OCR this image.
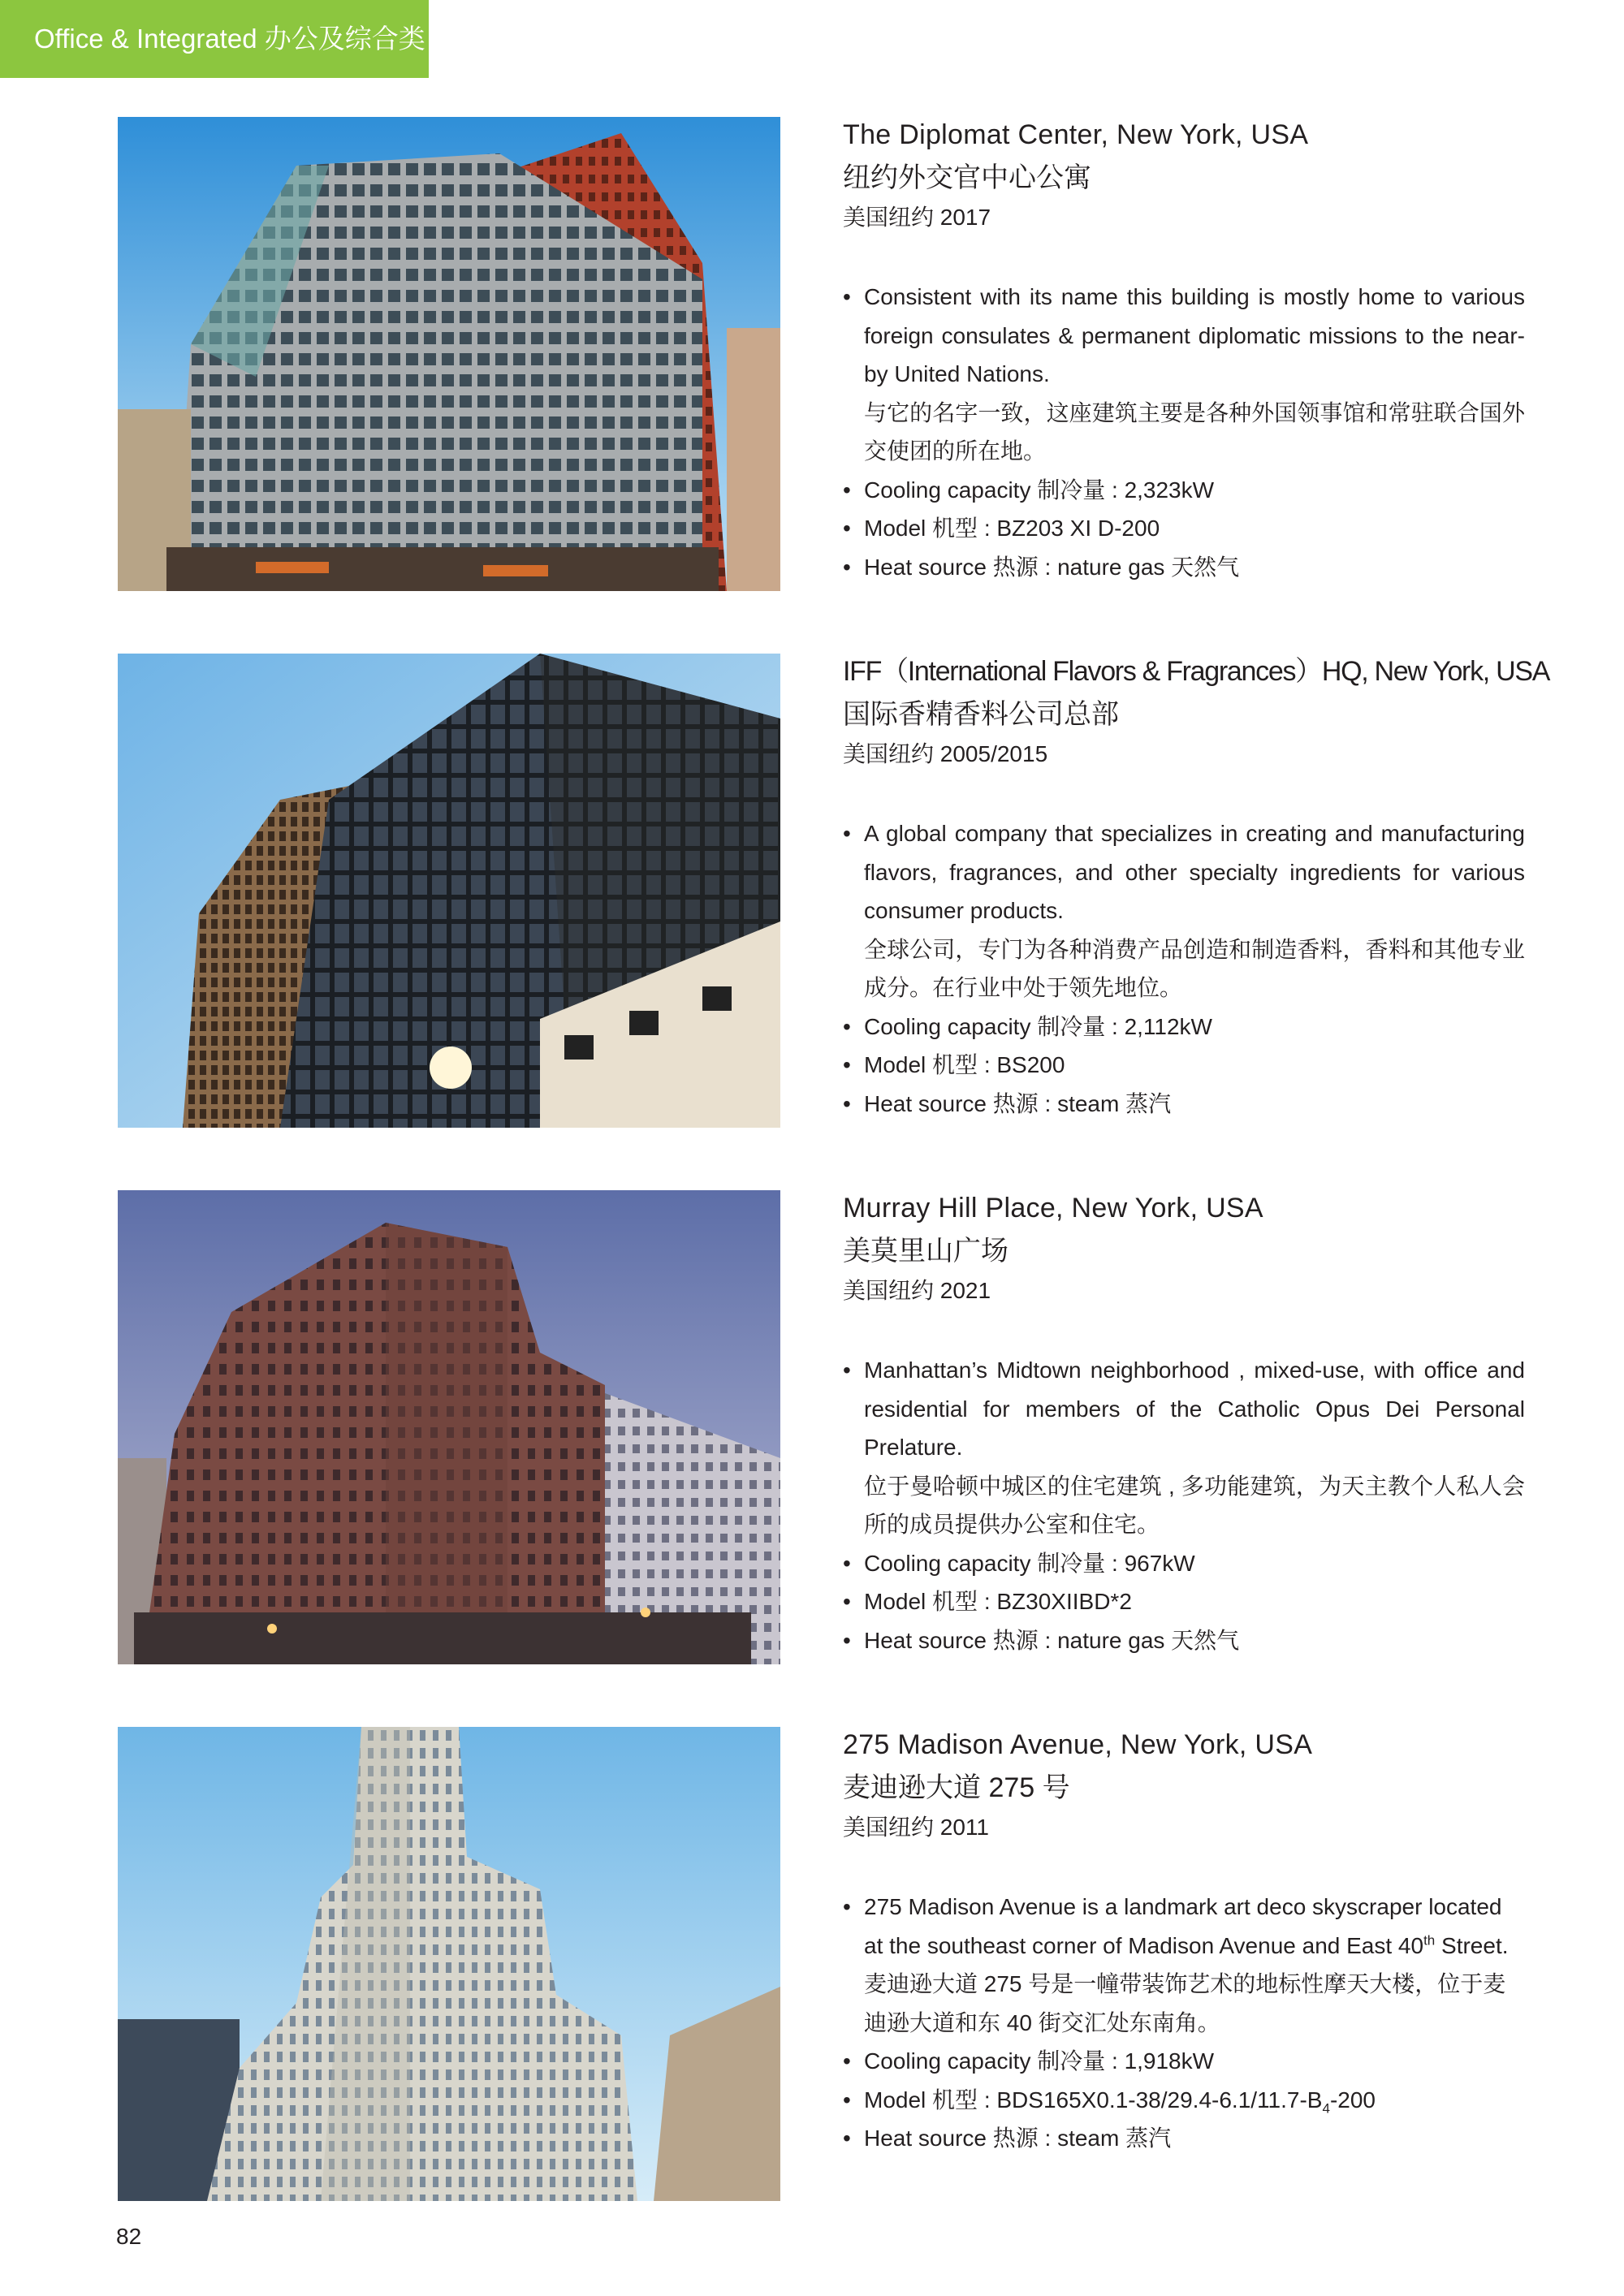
Office & Integrated 办公及综合类
The Diplomat Center, New York, USA
纽约外交官中心公寓
美国纽约 2017
• Consistent with its name this building is mostly home to various foreign consulates & permanent diplomatic missions to the near-by United Nations.
与它的名字一致，这座建筑主要是各种外国领事馆和常驻联合国外交使团的所在地。
• Cooling capacity 制冷量 : 2,323kW
• Model 机型 : BZ203 XI D-200
• Heat source 热源 : nature gas 天然气
IFF（International Flavors & Fragrances）HQ, New York, USA
国际香精香料公司总部
美国纽约 2005/2015
• A global company that specializes in creating and manufacturing flavors, fragrances, and other specialty ingredients for various consumer products.
全球公司，专门为各种消费产品创造和制造香料，香料和其他专业成分。在行业中处于领先地位。
• Cooling capacity 制冷量 : 2,112kW
• Model 机型 : BS200
• Heat source 热源 : steam 蒸汽
Murray Hill Place, New York, USA
美莫里山广场
美国纽约 2021
• Manhattan’s Midtown neighborhood , mixed-use, with office and residential for members of the Catholic Opus Dei Personal Prelature.
位于曼哈顿中城区的住宅建筑 , 多功能建筑，为天主教个人私人会所的成员提供办公室和住宅。
• Cooling capacity 制冷量 : 967kW
• Model 机型 : BZ30XIIBD*2
• Heat source 热源 : nature gas 天然气
275 Madison Avenue, New York, USA
麦迪逊大道 275 号
美国纽约 2011
• 275 Madison Avenue is a landmark art deco skyscraper located at the southeast corner of Madison Avenue and East 40th Street.
麦迪逊大道 275 号是一幢带装饰艺术的地标性摩天大楼，位于麦迪逊大道和东 40 街交汇处东南角。
• Cooling capacity 制冷量 : 1,918kW
• Model 机型 : $BDS165X0.1-38/29.4-6.1/11.7-B_4-200$
• Heat source 热源 : steam 蒸汽
82
